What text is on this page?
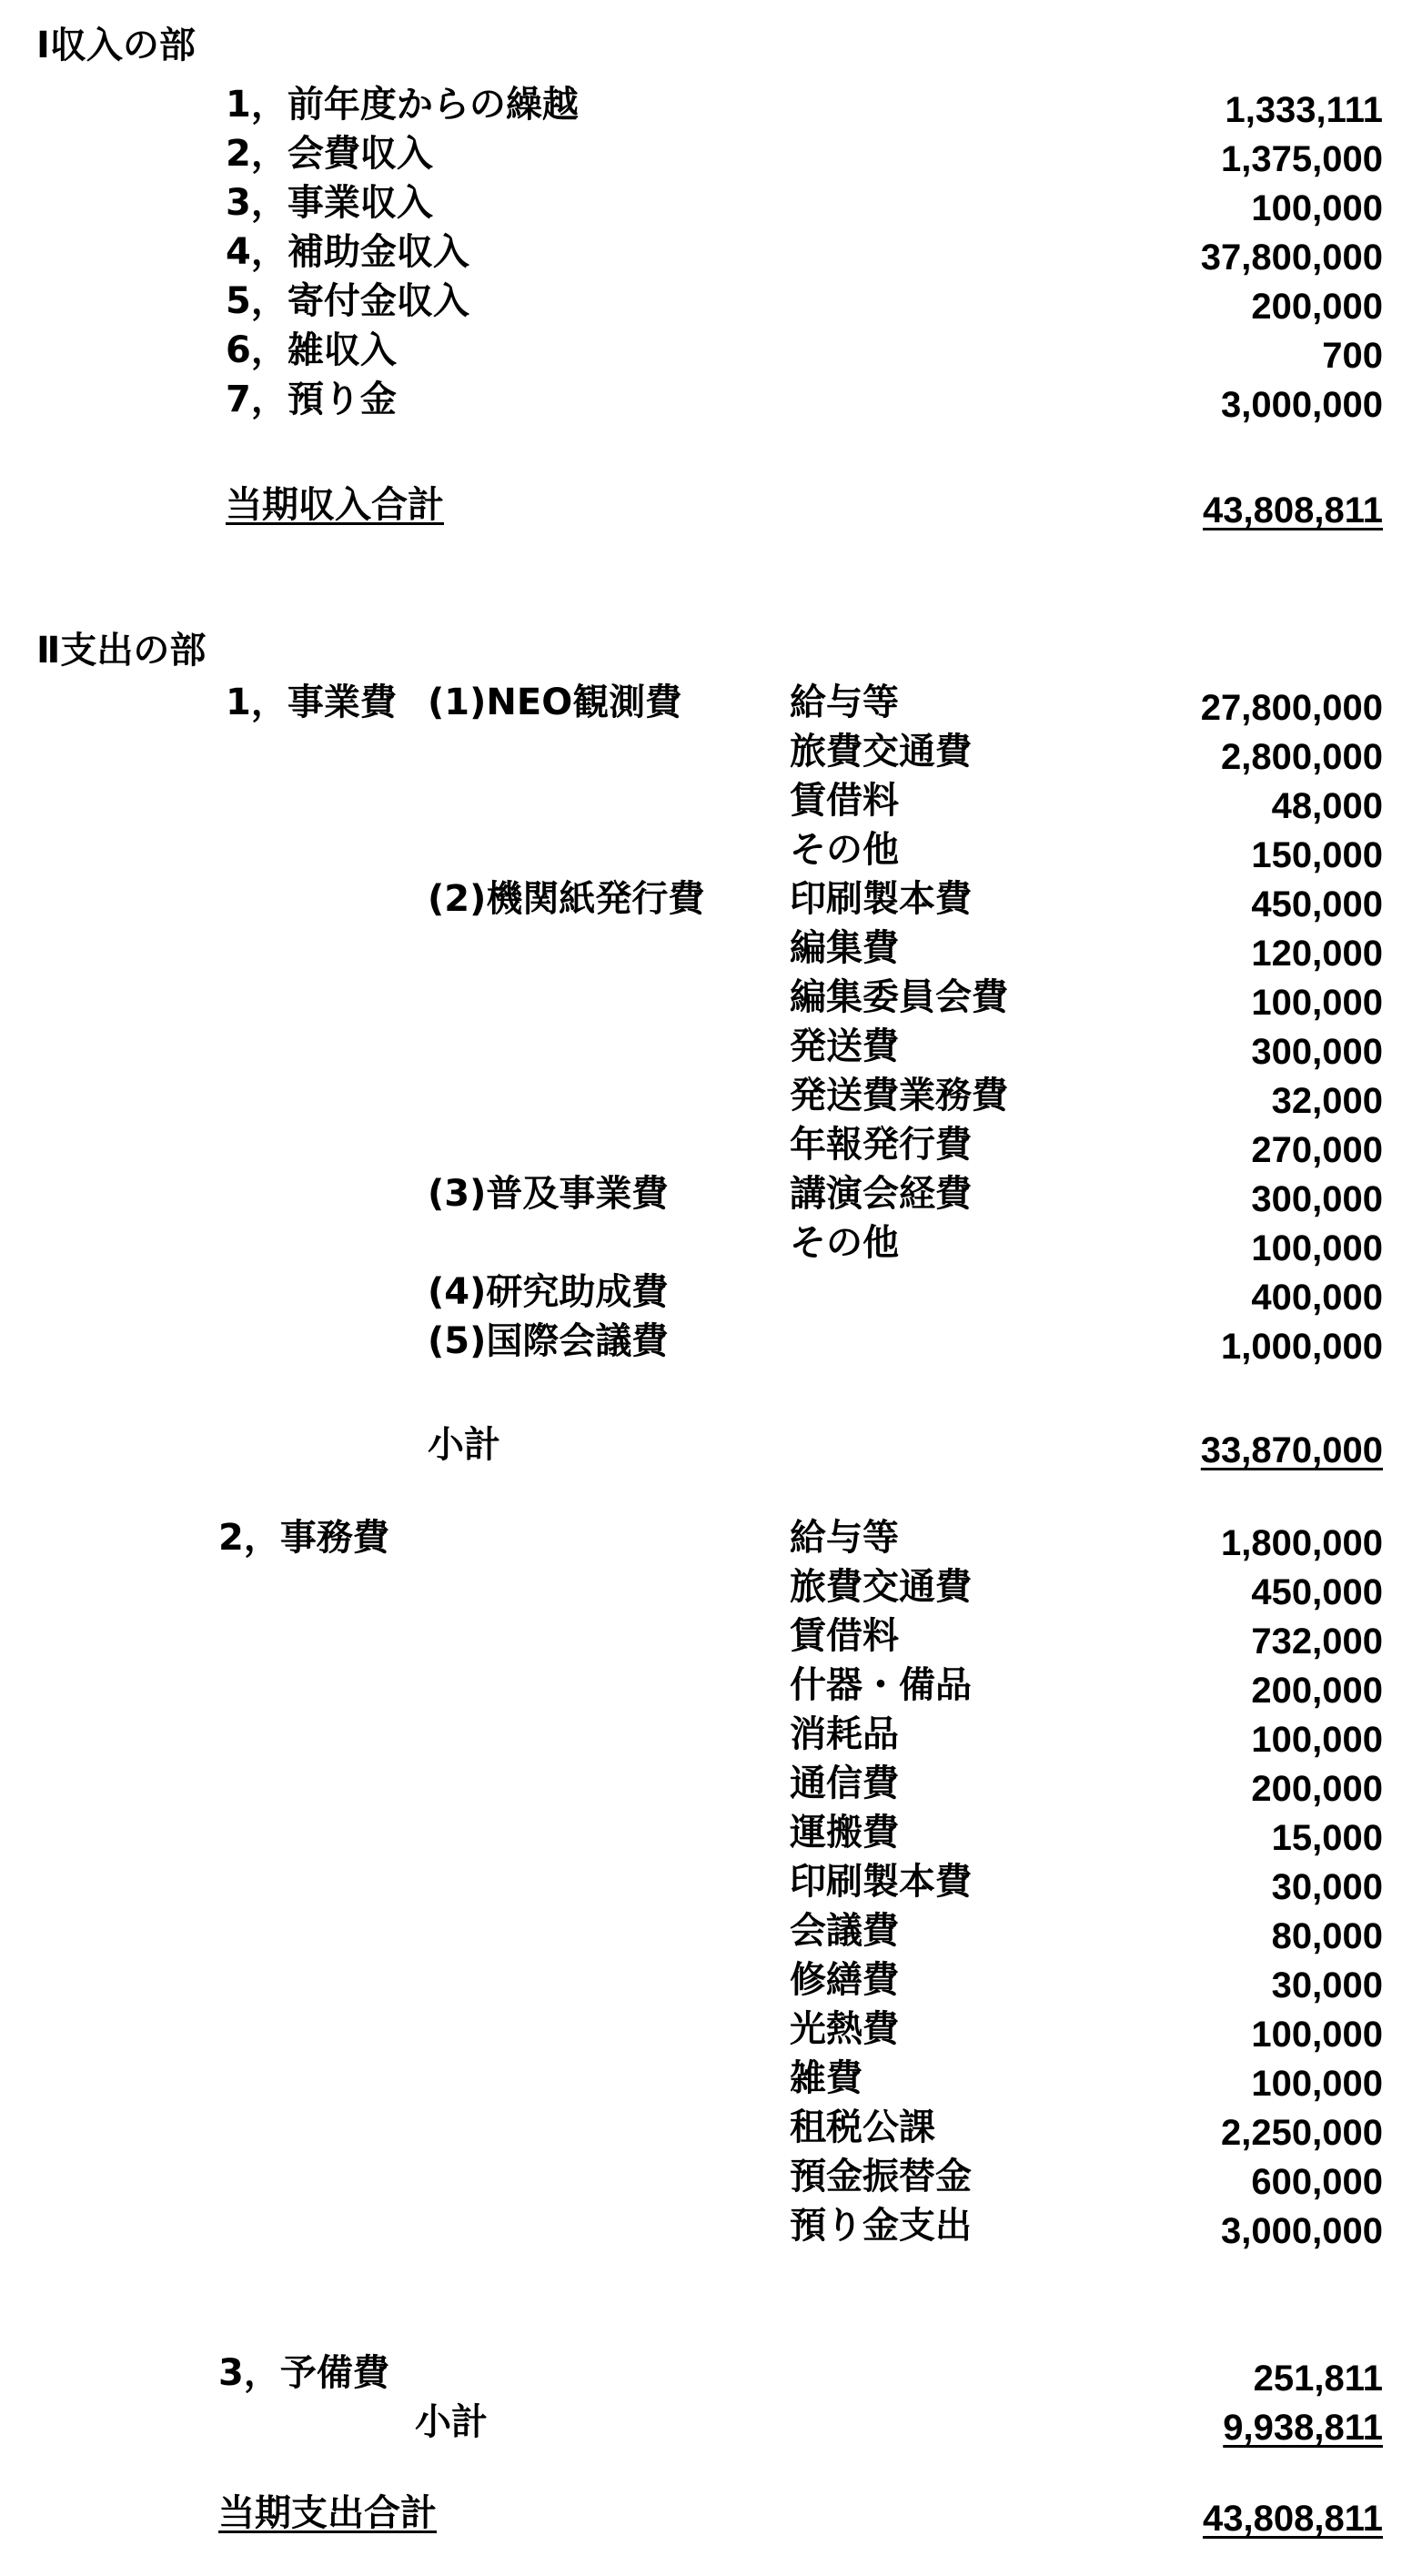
Ⅰ収入の部
1，前年度からの繰越	1,333,111
2，会費収入	1,375,000
3，事業収入	100,000
4，補助金収入	37,800,000
5，寄付金収入	200,000
6，雑収入	700
7，預り金	3,000,000
当期収入合計	43,808,811
Ⅱ支出の部
1，事業費 (1)NEO観測費	給与等	27,800,000
旅費交通費	2,800,000
賃借料	48,000
その他	150,000
(2)機関紙発行費 印刷製本費	450,000
編集費	120,000
編集委員会費	100,000
発送費	300,000
発送費業務費	32,000
年報発行費	270,000
(3)普及事業費	講演会経費	300,000
その他	100,000
(4)研究助成費	400,000
(5)国際会議費	1,000,000
小計	33,870,000
2，事務費	給与等	1,800,000
旅費交通費	450,000
賃借料	732,000
什器・備品	200,000
消耗品	100,000
通信費	200,000
運搬費	15,000
印刷製本費	30,000
会議費	80,000
修繕費	30,000
光熱費	100,000
雑費	100,000
租税公課	2,250,000
預金振替金	600,000
預り金支出	3,000,000
3，予備費	251,811
小計	9,938,811
当期支出合計	43,808,811
